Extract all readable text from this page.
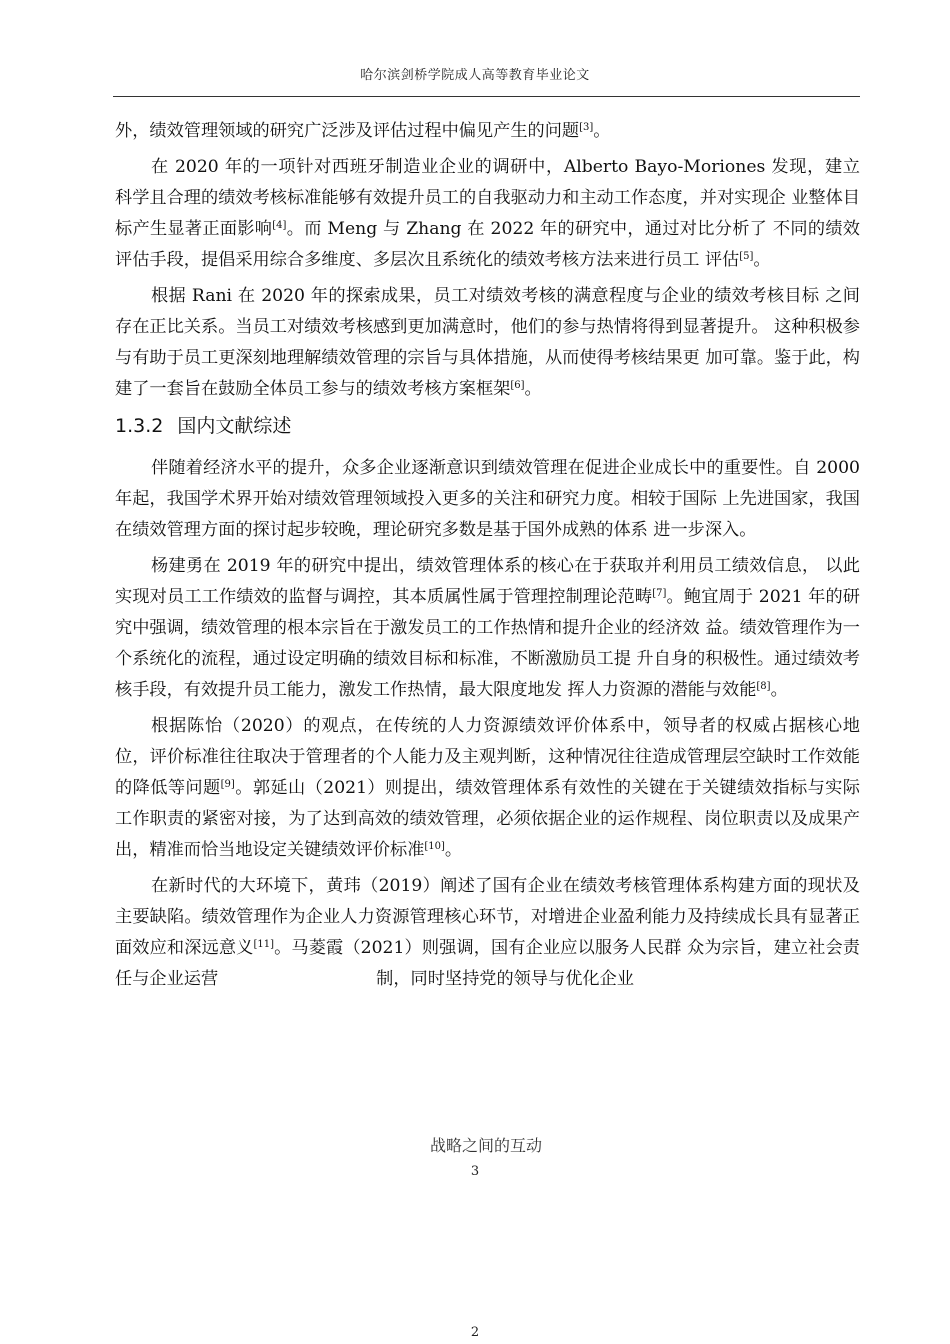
哈尔滨剑桥学院成人高等教育毕业论文

外，绩效管理领域的研究广泛涉及评估过程中偏见产生的问题[3]。

在 2020 年的一项针对西班牙制造业企业的调研中，Alberto Bayo-Moriones 发现，建立 科学且合理的绩效考核标准能够有效提升员工的自我驱动力和主动工作态度，并对实现企 业整体目标产生显著正面影响[4]。而 Meng 与 Zhang 在 2022 年的研究中，通过对比分析了 不同的绩效评估手段，提倡采用综合多维度、多层次且系统化的绩效考核方法来进行员工 评估[5]。

根据 Rani 在 2020 年的探索成果，员工对绩效考核的满意程度与企业的绩效考核目标 之间存在正比关系。当员工对绩效考核感到更加满意时，他们的参与热情将得到显著提升。 这种积极参与有助于员工更深刻地理解绩效管理的宗旨与具体措施，从而使得考核结果更 加可靠。鉴于此，构建了一套旨在鼓励全体员工参与的绩效考核方案框架[6]。

1.3.2 国内文献综述

伴随着经济水平的提升，众多企业逐渐意识到绩效管理在促进企业成长中的重要性。自 2000 年起，我国学术界开始对绩效管理领域投入更多的关注和研究力度。相较于国际 上先进国家，我国在绩效管理方面的探讨起步较晚，理论研究多数是基于国外成熟的体系 进一步深入。

杨建勇在 2019 年的研究中提出，绩效管理体系的核心在于获取并利用员工绩效信息， 以此实现对员工工作绩效的监督与调控，其本质属性属于管理控制理论范畴[7]。鲍宜周于 2021 年的研究中强调，绩效管理的根本宗旨在于激发员工的工作热情和提升企业的经济效 益。绩效管理作为一个系统化的流程，通过设定明确的绩效目标和标准，不断激励员工提 升自身的积极性。通过绩效考核手段，有效提升员工能力，激发工作热情，最大限度地发 挥人力资源的潜能与效能[8]。

根据陈怡（2020）的观点，在传统的人力资源绩效评价体系中，领导者的权威占据核心地位，评价标准往往取决于管理者的个人能力及主观判断，这种情况往往造成管理层空缺时工作效能的降低等问题[9]。郭延山（2021）则提出，绩效管理体系有效性的关键在于关键绩效指标与实际工作职责的紧密对接，为了达到高效的绩效管理，必须依据企业的运作规程、岗位职责以及成果产出，精准而恰当地设定关键绩效评价标准[10]。

在新时代的大环境下，黄玮（2019）阐述了国有企业在绩效考核管理体系构建方面的现状及主要缺陷。绩效管理作为企业人力资源管理核心环节，对增进企业盈利能力及持续成长具有显著正面效应和深远意义[11]。马菱霞（2021）则强调，国有企业应以服务人民群 众为宗旨，建立社会责任与企业运营	制，同时坚持党的领导与优化企业

战略之间的互动
3
2
